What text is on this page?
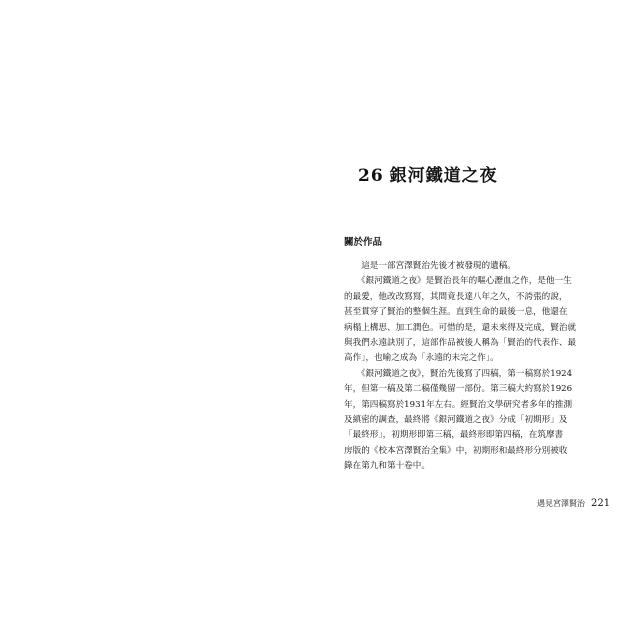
26 銀河鐵道之夜
關於作品
　　這是一部宮澤賢治先後才被發現的遺稿。
　　《銀河鐵道之夜》是賢治長年的嘔心瀝血之作，是他一生
的最愛，他改改寫寫，其間竟長達八年之久，不誇張的說，
甚至貫穿了賢治的整個生涯。直到生命的最後一息，他還在
病榻上構思、加工潤色。可惜的是，還未來得及完成，賢治就
與我們永遠訣別了，這部作品被後人稱為「賢治的代表作、最
高作」，也喻之成為「永遠的未完之作」。
　　《銀河鐵道之夜》，賢治先後寫了四稿，第一稿寫於1924
年，但第一稿及第二稿僅幾留一部份。第三稿大約寫於1926
年，第四稿寫於1931年左右。經賢治文學研究者多年的推測
及縝密的調查，最終將《銀河鐵道之夜》分成「初期形」及
「最終形」，初期形即第三稿，最終形即第四稿，在筑摩書
房版的《校本宮澤賢治全集》中，初期形和最終形分別被收
錄在第九和第十卷中。
遇見宮澤賢治 221
